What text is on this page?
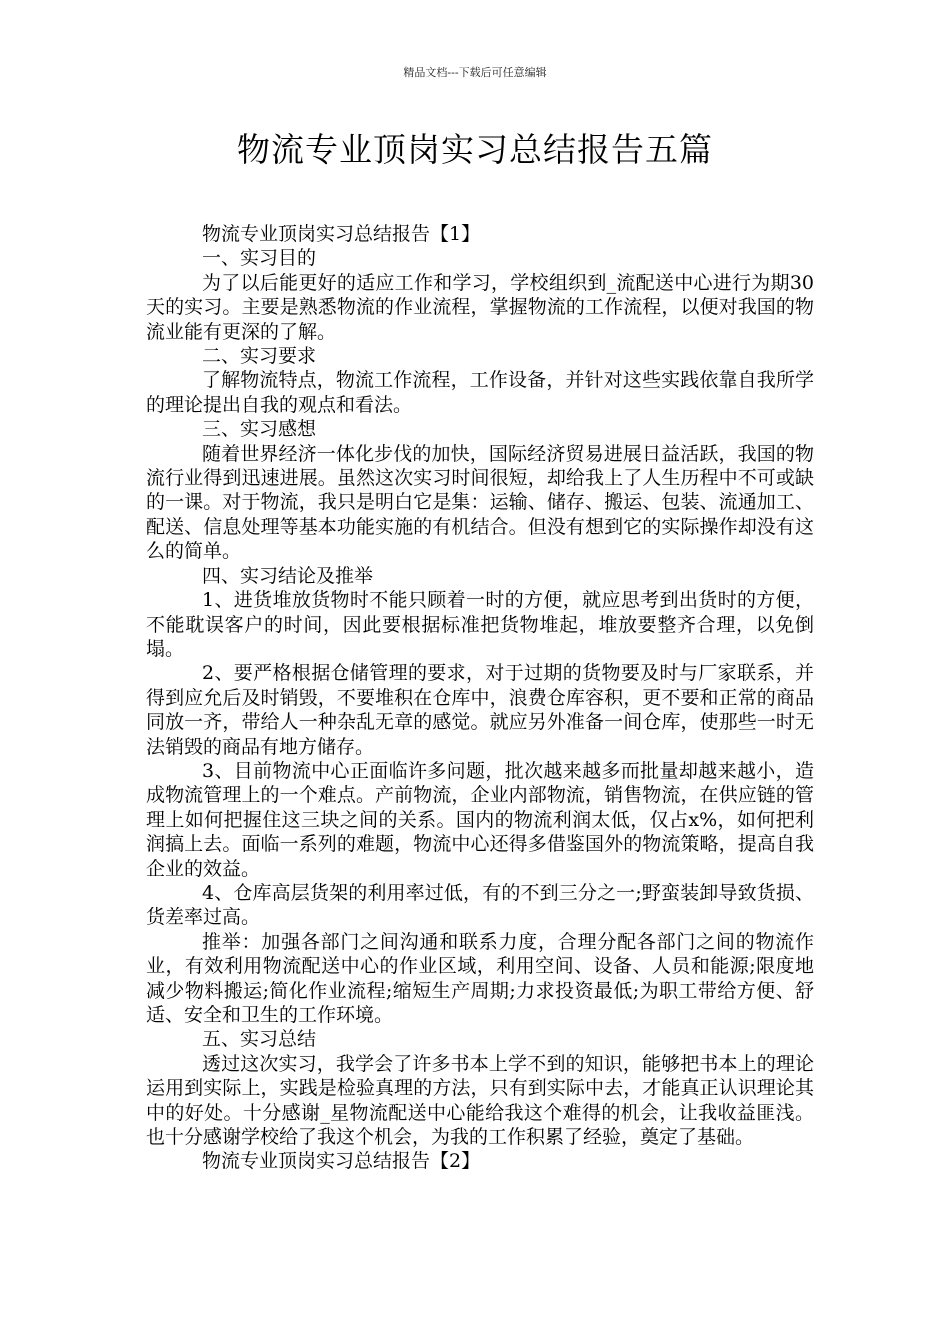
精品文档---下载后可任意编辑
物流专业顶岗实习总结报告五篇

物流专业顶岗实习总结报告【1】

一、实习目的

为了以后能更好的适应工作和学习，学校组织到_流配送中心进行为期30天的实习。主要是熟悉物流的作业流程，掌握物流的工作流程，以便对我国的物流业能有更深的了解。

二、实习要求

了解物流特点，物流工作流程，工作设备，并针对这些实践依靠自我所学的理论提出自我的观点和看法。

三、实习感想

随着世界经济一体化步伐的加快，国际经济贸易进展日益活跃，我国的物流行业得到迅速进展。虽然这次实习时间很短，却给我上了人生历程中不可或缺的一课。对于物流，我只是明白它是集：运输、储存、搬运、包装、流通加工、配送、信息处理等基本功能实施的有机结合。但没有想到它的实际操作却没有这么的简单。

四、实习结论及推举

1、进货堆放货物时不能只顾着一时的方便，就应思考到出货时的方便，不能耽误客户的时间，因此要根据标准把货物堆起，堆放要整齐合理，以免倒塌。

2、要严格根据仓储管理的要求，对于过期的货物要及时与厂家联系，并得到应允后及时销毁，不要堆积在仓库中，浪费仓库容积，更不要和正常的商品同放一齐，带给人一种杂乱无章的感觉。就应另外准备一间仓库，使那些一时无法销毁的商品有地方储存。

3、目前物流中心正面临许多问题，批次越来越多而批量却越来越小，造成物流管理上的一个难点。产前物流，企业内部物流，销售物流，在供应链的管理上如何把握住这三块之间的关系。国内的物流利润太低，仅占x%，如何把利润搞上去。面临一系列的难题，物流中心还得多借鉴国外的物流策略，提高自我企业的效益。

4、仓库高层货架的利用率过低，有的不到三分之一;野蛮装卸导致货损、货差率过高。

推举：加强各部门之间沟通和联系力度，合理分配各部门之间的物流作业，有效利用物流配送中心的作业区域，利用空间、设备、人员和能源;限度地减少物料搬运;简化作业流程;缩短生产周期;力求投资最低;为职工带给方便、舒适、安全和卫生的工作环境。

五、实习总结

透过这次实习，我学会了许多书本上学不到的知识，能够把书本上的理论运用到实际上，实践是检验真理的方法，只有到实际中去，才能真正认识理论其中的好处。十分感谢_星物流配送中心能给我这个难得的机会，让我收益匪浅。也十分感谢学校给了我这个机会，为我的工作积累了经验，奠定了基础。

物流专业顶岗实习总结报告【2】
